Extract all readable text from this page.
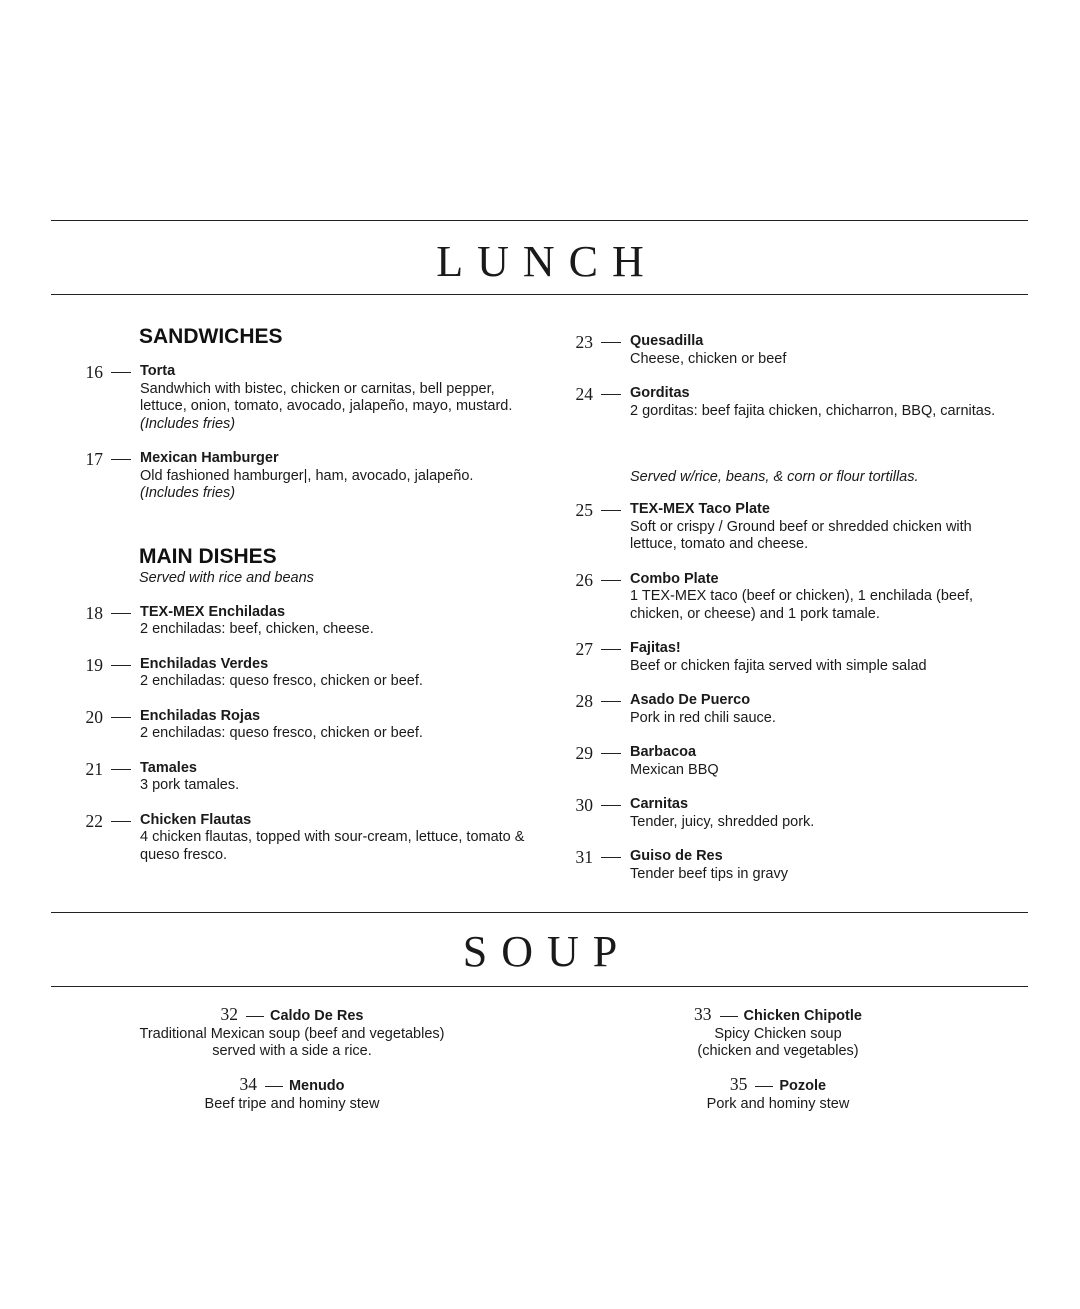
LUNCH
SANDWICHES
16	Torta
Sandwhich with bistec, chicken or carnitas, bell pepper,
lettuce, onion, tomato, avocado, jalapeño, mayo, mustard.
(Includes fries)
17	Mexican Hamburger
Old fashioned hamburger|, ham, avocado, jalapeño.
(Includes fries)
MAIN DISHES
Served with rice and beans
18	TEX-MEX Enchiladas
2 enchiladas: beef, chicken, cheese.
19	Enchiladas Verdes
2 enchiladas: queso fresco, chicken or beef.
20	Enchiladas Rojas
2 enchiladas: queso fresco, chicken or beef.
21	Tamales
3 pork tamales.
22	Chicken Flautas
4 chicken flautas, topped with sour-cream, lettuce, tomato &
queso fresco.
23	Quesadilla
Cheese, chicken or beef
24	Gorditas
2 gorditas: beef fajita chicken, chicharron, BBQ, carnitas.
Served w/rice, beans, & corn or flour tortillas.
25	TEX-MEX Taco Plate
Soft or crispy / Ground beef or shredded chicken with
lettuce, tomato and cheese.
26	Combo Plate
1 TEX-MEX taco (beef or chicken), 1 enchilada (beef,
chicken, or cheese) and 1 pork tamale.
27	Fajitas!
Beef or chicken fajita served with simple salad
28	Asado De Puerco
Pork in red chili sauce.
29	Barbacoa
Mexican BBQ
30	Carnitas
Tender, juicy, shredded pork.
31	Guiso de Res
Tender beef tips in gravy
SOUP
32 Caldo De Res
Traditional Mexican soup (beef and vegetables)
served with a side a rice.
33 Chicken Chipotle
Spicy Chicken soup
(chicken and vegetables)
34 Menudo
Beef tripe and hominy stew
35 Pozole
Pork and hominy stew
